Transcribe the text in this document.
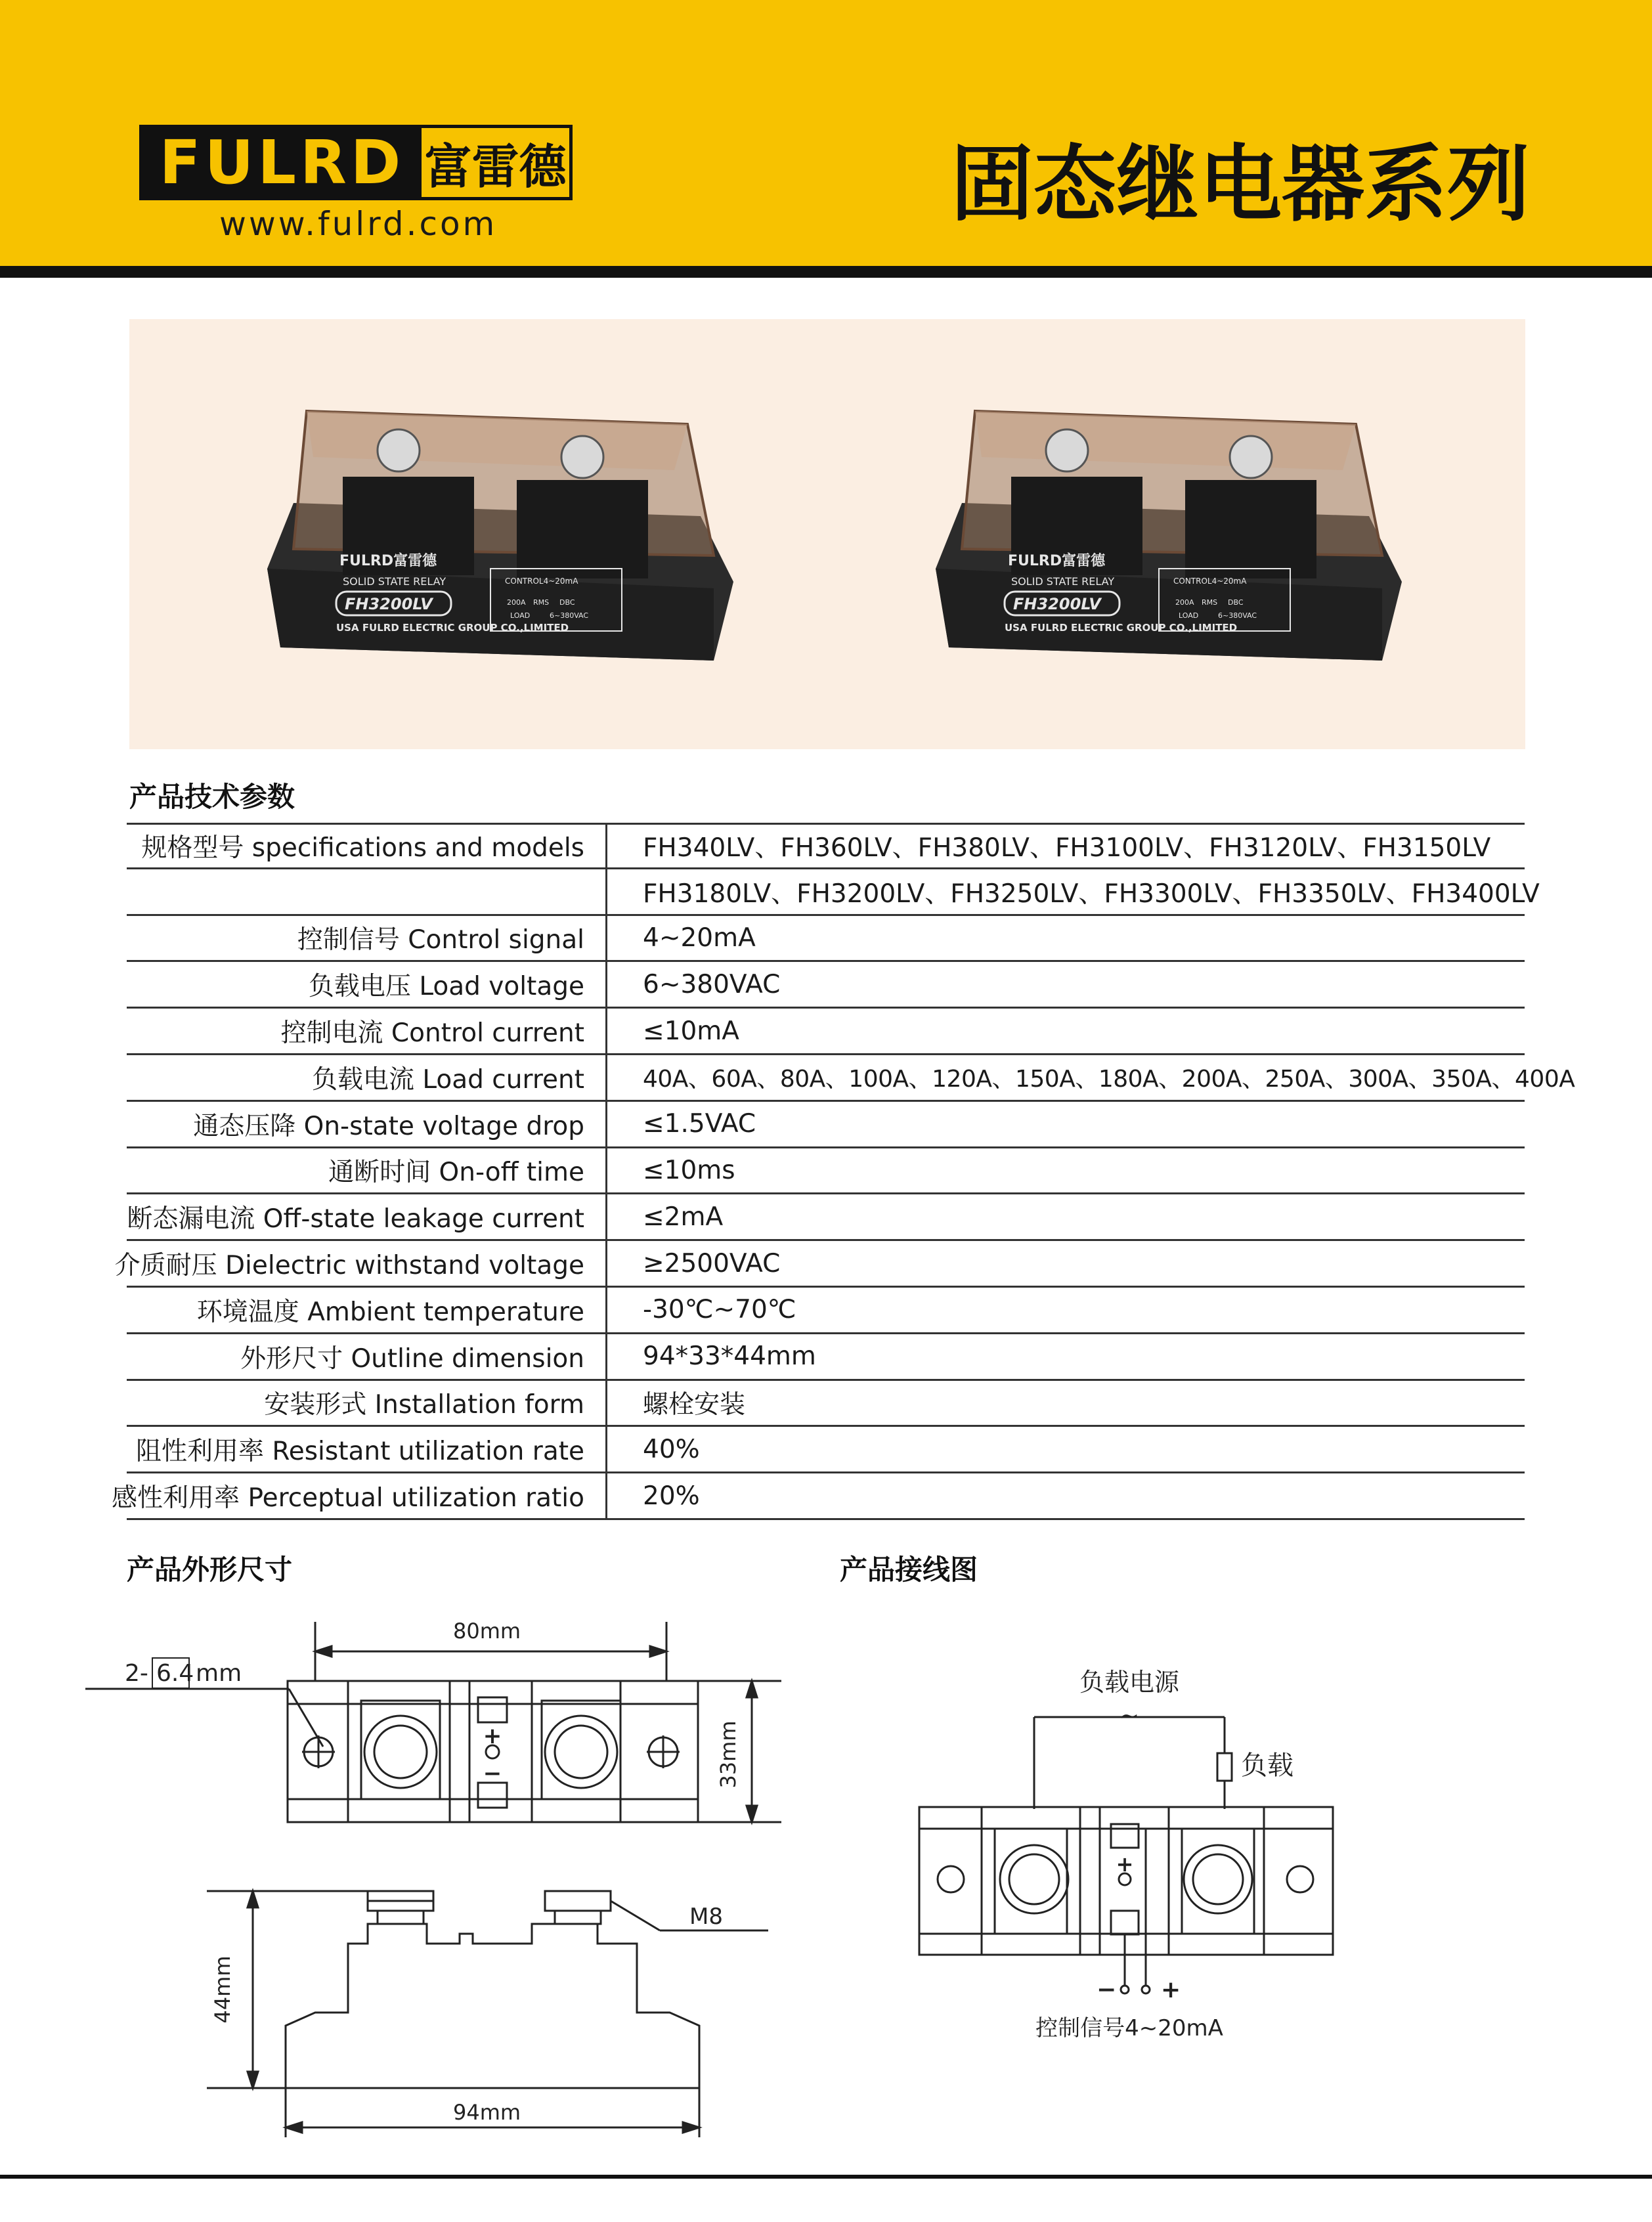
FULRD 富雷德
www.fulrd.com	固态继电器系列
FULRD富雷德
SOLID STATE RELAY
FH3200LV
CONTROL4~20mA
200A RMS DBC
LOAD	6~380VAC
USA FULRD ELECTRIC GROUP CO.,LIMITED
FULRD富雷德
SOLID STATE RELAY
FH3200LV
CONTROL4~20mA
200A RMS DBC
LOAD	6~380VAC
USA FULRD ELECTRIC GROUP CO.,LIMITED
产品技术参数
规格型号 specifications and models	FH340LV、FH360LV、FH380LV、FH3100LV、FH3120LV、FH3150LV
FH3180LV、FH3200LV、FH3250LV、FH3300LV、FH3350LV、FH3400LV
控制信号 Control signal	4~20mA
负载电压 Load voltage	6~380VAC
控制电流 Control current	≤10mA
负载电流 Load current	40A、60A、80A、100A、120A、150A、180A、200A、250A、300A、350A、400A
通态压降 On-state voltage drop	≤1.5VAC
通断时间 On-off time	≤10ms
断态漏电流 Off-state leakage current	≤2mA
介质耐压 Dielectric withstand voltage	≥2500VAC
环境温度 Ambient temperature	-30℃~70℃
外形尺寸 Outline dimension	94*33*44mm
安装形式 Installation form	螺栓安装
阻性利用率 Resistant utilization rate	40%
感性利用率 Perceptual utilization ratio	20%
产品外形尺寸
80mm
2- 6.4 mm
+
−	33mm
M8
44mm
94mm
产品接线图
负载电源
~
负载
+
− +
控制信号4~20mA
